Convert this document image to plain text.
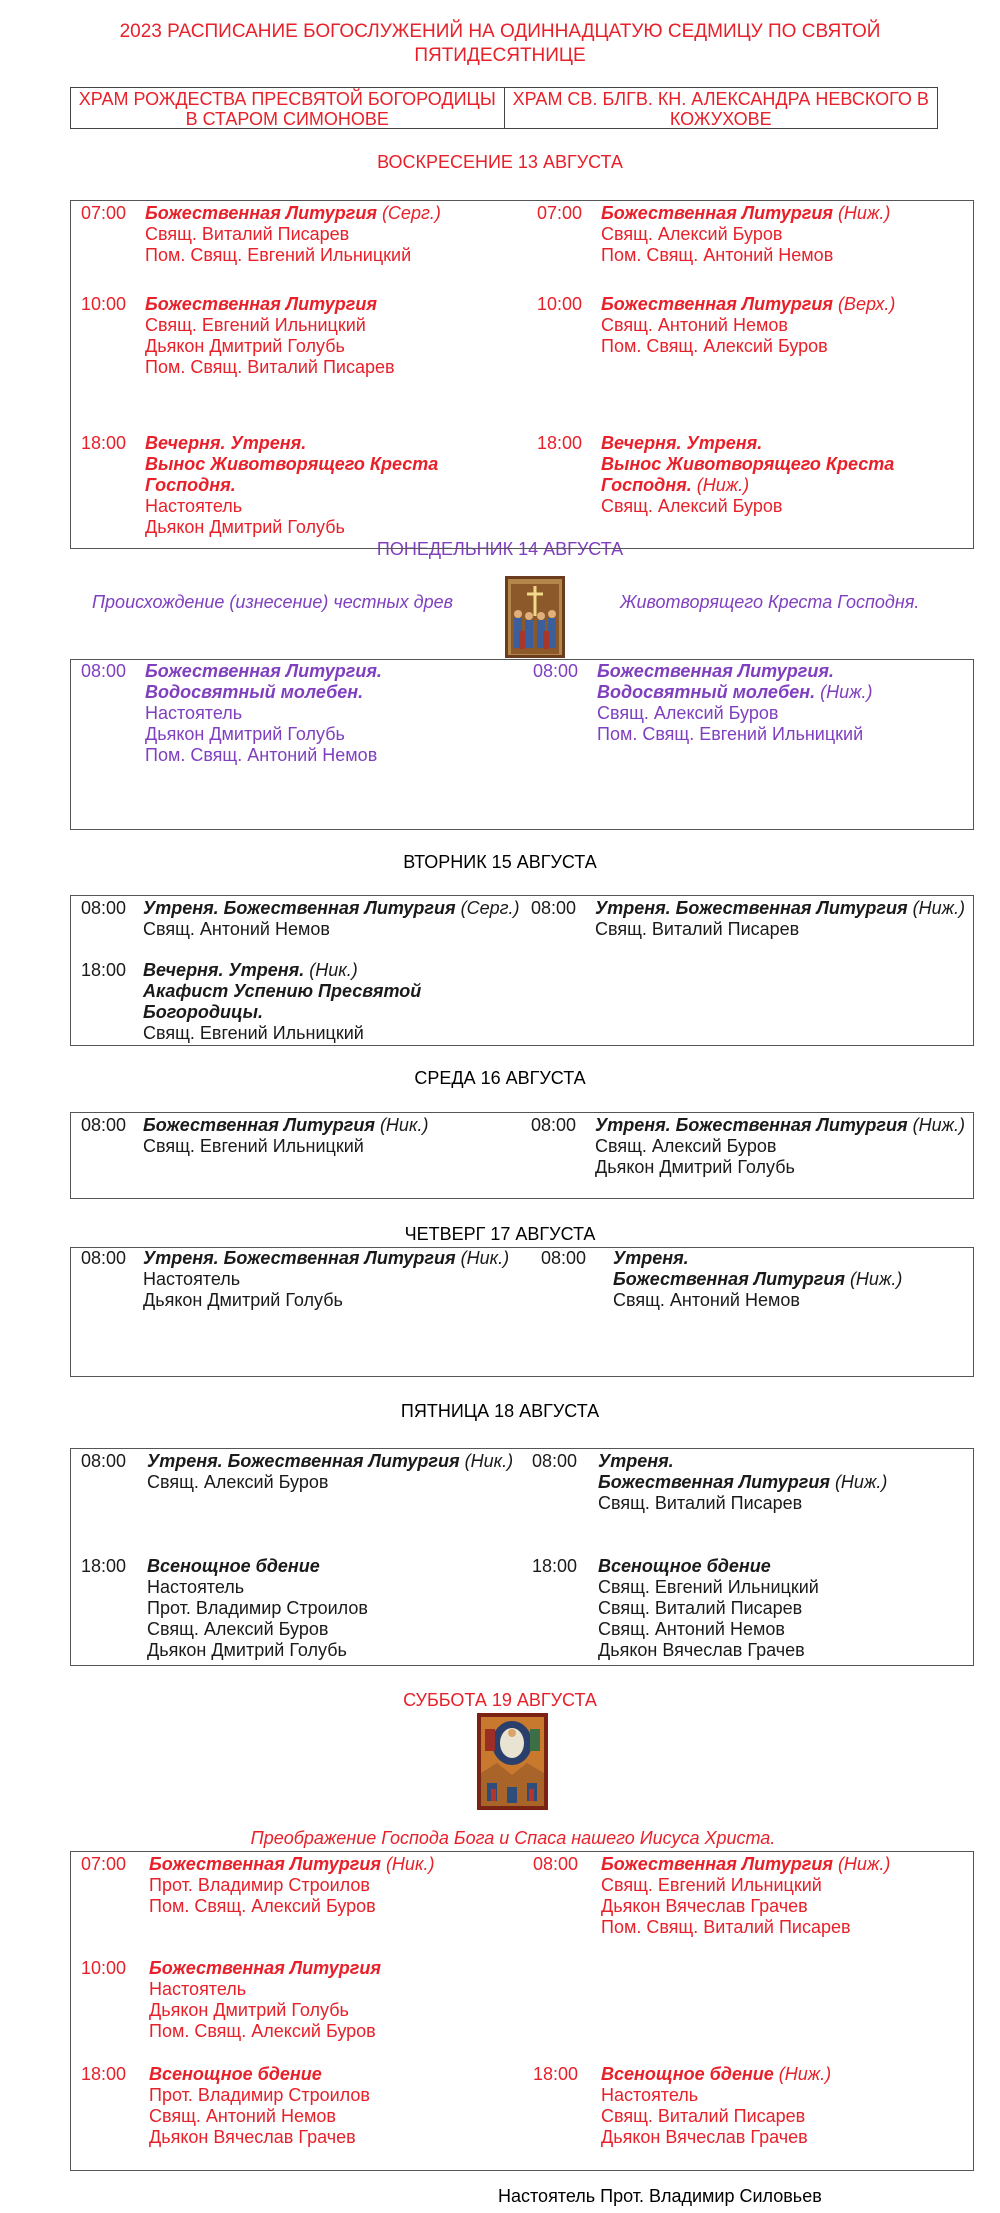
2023 РАСПИСАНИЕ БОГОСЛУЖЕНИЙ НА ОДИННАДЦАТУЮ СЕДМИЦУ ПО СВЯТОЙ ПЯТИДЕСЯТНИЦЕ
ХРАМ РОЖДЕСТВА ПРЕСВЯТОЙ БОГОРОДИЦЫ В СТАРОМ СИМОНОВЕ
ХРАМ СВ. БЛГВ. КН. АЛЕКСАНДРА НЕВСКОГО В КОЖУХОВЕ
ВОСКРЕСЕНИЕ 13 АВГУСТА
ПОНЕДЕЛЬНИК 14 АВГУСТА
ВТОРНИК 15 АВГУСТА
СРЕДА 16 АВГУСТА
ЧЕТВЕРГ 17 АВГУСТА
ПЯТНИЦА 18 АВГУСТА
СУББОТА 19 АВГУСТА
Происхождение (изнесение) честных древ	Животворящего Креста Господня.
Преображение Господа Бога и Спаса нашего Иисуса Христа.
07:00 Божественная Литургия (Серг.)
Свящ. Виталий Писарев
Пом. Свящ. Евгений Ильницкий
10:00 Божественная Литургия
Свящ. Евгений Ильницкий
Дьякон Дмитрий Голубь
Пом. Свящ. Виталий Писарев
18:00 Вечерня. Утреня.
Вынос Животворящего Креста
Господня.
Настоятель
Дьякон Дмитрий Голубь
07:00 Божественная Литургия (Ниж.)
Свящ. Алексий Буров
Пом. Свящ. Антоний Немов
10:00 Божественная Литургия (Верх.)
Свящ. Антоний Немов
Пом. Свящ. Алексий Буров
18:00 Вечерня. Утреня.
Вынос Животворящего Креста
Господня. (Ниж.)
Свящ. Алексий Буров
08:00 Божественная Литургия.
Водосвятный молебен.
Настоятель
Дьякон Дмитрий Голубь
Пом. Свящ. Антоний Немов
08:00 Божественная Литургия.
Водосвятный молебен. (Ниж.)
Свящ. Алексий Буров
Пом. Свящ. Евгений Ильницкий
08:00 Утреня. Божественная Литургия (Серг.)
Свящ. Антоний Немов
18:00 Вечерня. Утреня. (Ник.)
Акафист Успению Пресвятой
Богородицы.
Свящ. Евгений Ильницкий
08:00 Утреня. Божественная Литургия (Ниж.)
Свящ. Виталий Писарев
08:00 Божественная Литургия (Ник.)
Свящ. Евгений Ильницкий
08:00 Утреня. Божественная Литургия (Ниж.)
Свящ. Алексий Буров
Дьякон Дмитрий Голубь
08:00 Утреня. Божественная Литургия (Ник.)
Настоятель
Дьякон Дмитрий Голубь
08:00 Утреня.
Божественная Литургия (Ниж.)
Свящ. Антоний Немов
08:00 Утреня. Божественная Литургия (Ник.)
Свящ. Алексий Буров
18:00 Всенощное бдение
Настоятель
Прот. Владимир Строилов
Свящ. Алексий Буров
Дьякон Дмитрий Голубь
08:00 Утреня.
Божественная Литургия (Ниж.)
Свящ. Виталий Писарев
18:00 Всенощное бдение
Свящ. Евгений Ильницкий
Свящ. Виталий Писарев
Свящ. Антоний Немов
Дьякон Вячеслав Грачев
07:00 Божественная Литургия (Ник.)
Прот. Владимир Строилов
Пом. Свящ. Алексий Буров
10:00 Божественная Литургия
Настоятель
Дьякон Дмитрий Голубь
Пом. Свящ. Алексий Буров
18:00 Всенощное бдение
Прот. Владимир Строилов
Свящ. Антоний Немов
Дьякон Вячеслав Грачев
08:00 Божественная Литургия (Ниж.)
Свящ. Евгений Ильницкий
Дьякон Вячеслав Грачев
Пом. Свящ. Виталий Писарев
18:00 Всенощное бдение (Ниж.)
Настоятель
Свящ. Виталий Писарев
Дьякон Вячеслав Грачев
Настоятель Прот. Владимир Силовьев
